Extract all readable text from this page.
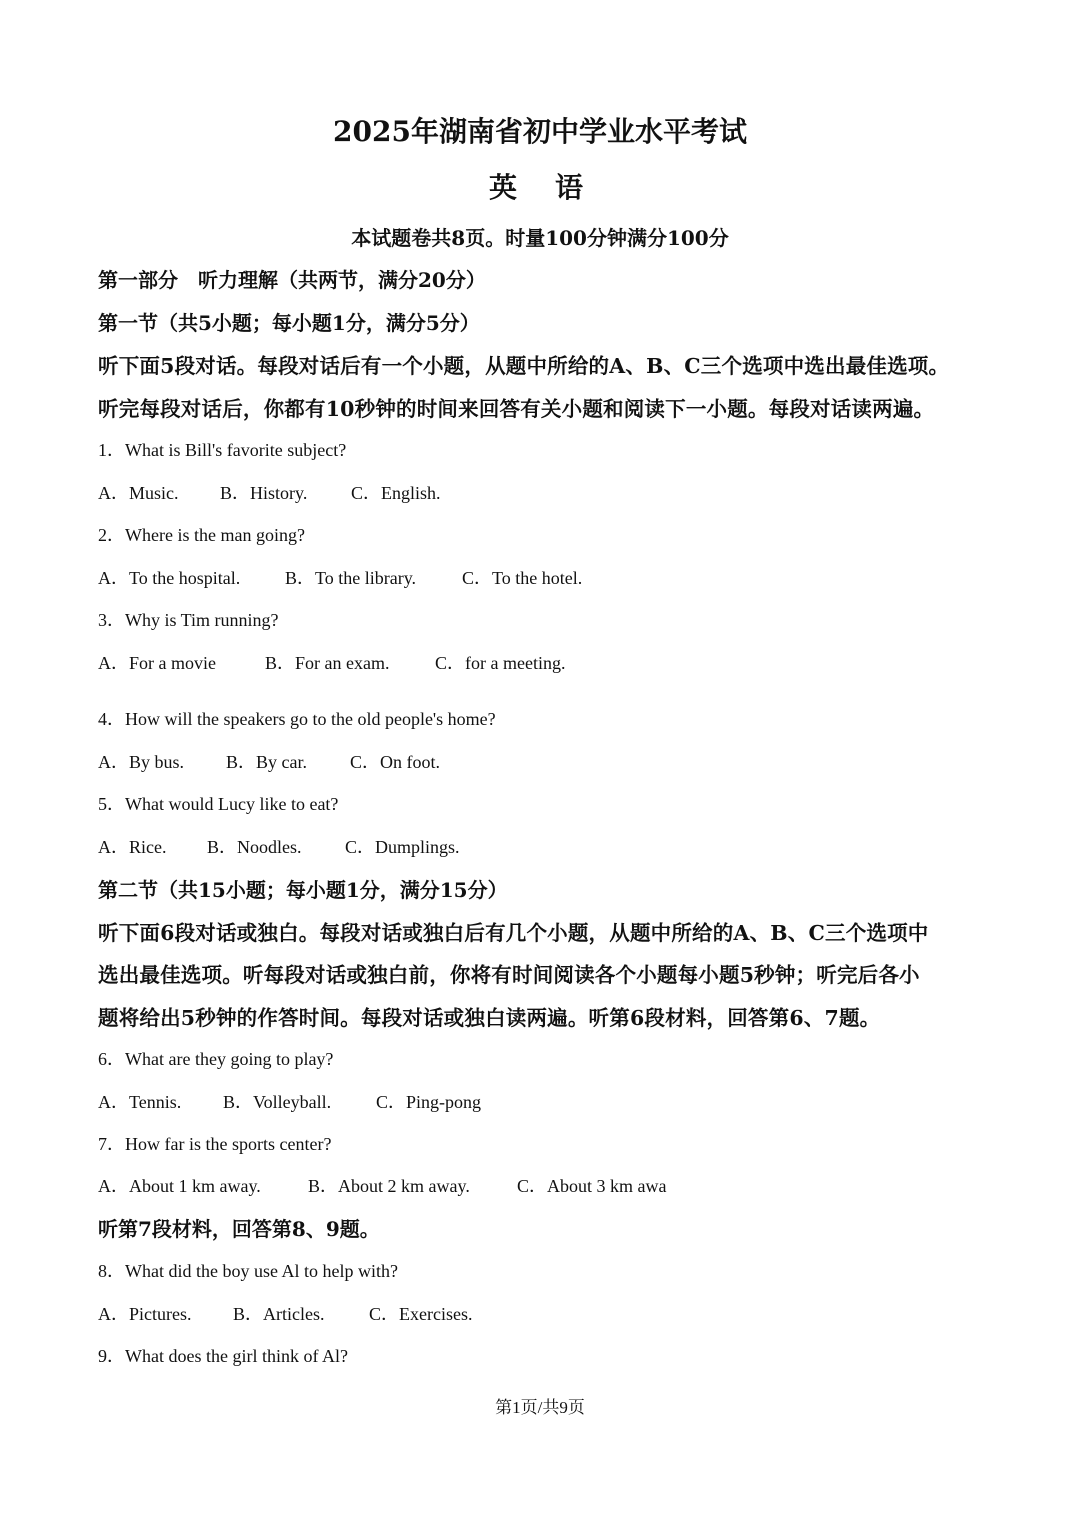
2025年湖南省初中学业水平考试
英 语
本试题卷共8页。时量100分钟满分100分
第一部分　听力理解（共两节，满分20分）
第一节（共5小题；每小题1分，满分5分）
听下面5段对话。每段对话后有一个小题，从题中所给的A、B、C三个选项中选出最佳选项。
听完每段对话后，你都有10秒钟的时间来回答有关小题和阅读下一小题。每段对话读两遍。
1．What is Bill's favorite subject?
A．Music. B．History. C．English.
2．Where is the man going?
A．To the hospital. B．To the library.	C．To the hotel.
3．Why is Tim running?
A．For a movie	B．For an exam.	C．for a meeting.
4．How will the speakers go to the old people's home?
A．By bus. B．By car. C．On foot.
5．What would Lucy like to eat?
A．Rice. B．Noodles. C．Dumplings.
第二节（共15小题；每小题1分，满分15分）
听下面6段对话或独白。每段对话或独白后有几个小题，从题中所给的A、B、C三个选项中
选出最佳选项。听每段对话或独白前，你将有时间阅读各个小题每小题5秒钟；听完后各小
题将给出5秒钟的作答时间。每段对话或独白读两遍。听第6段材料，回答第6、7题。
6．What are they going to play?
A．Tennis. B．Volleyball. C．Ping-pong
7．How far is the sports center?
A．About 1 km away.	B．About 2 km away.	C．About 3 km awa
听第7段材料，回答第8、9题。
8．What did the boy use Al to help with?
A．Pictures. B．Articles. C．Exercises.
9．What does the girl think of Al?
第1页/共9页
